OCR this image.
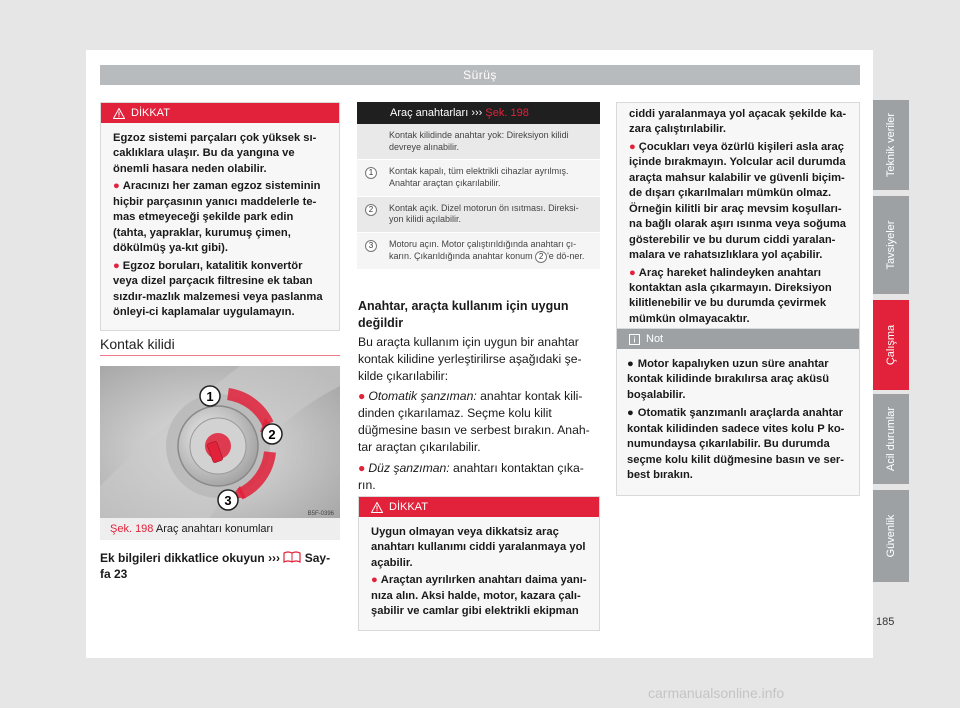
Sürüş
Teknik veriler
Tavsiyeler
Çalışma
Acil durumlar
Güvenlik
185
carmanualsonline.info
DİKKAT

Egzoz sistemi parçaları çok yüksek sı-caklıklara ulaşır. Bu da yangına ve önemli hasara neden olabilir.

● Aracınızı her zaman egzoz sisteminin hiçbir parçasının yanıcı maddelerle te-mas etmeyeceği şekilde park edin (tahta, yapraklar, kurumuş çimen, dökülmüş ya-kıt gibi).

● Egzoz boruları, katalitik konvertör veya dizel parçacık filtresine ek taban sızdır-mazlık malzemesi veya paslanma önleyi-ci kaplamalar uygulamayın.

Kontak kilidi
1
2
3
B5F-0396
Şek. 198 Araç anahtarı konumları
Ek bilgileri dikkatlice okuyun ››› Say-fa 23
Araç anahtarları ››› Şek. 198
Kontak kilidinde anahtar yok: Direksiyon kilidi devreye alınabilir.
1	Kontak kapalı, tüm elektrikli cihazlar ayrılmış. Anahtar araçtan çıkarılabilir.
2	Kontak açık. Dizel motorun ön ısıtması. Direksi-yon kilidi açılabilir.
3	Motoru açın. Motor çalıştırıldığında anahtarı çı-karın. Çıkarıldığında anahtar konum 2 'e dö-ner.
Anahtar, araçta kullanım için uygun değildir

Bu araçta kullanım için uygun bir anahtar kontak kilidine yerleştirilirse aşağıdaki şe-kilde çıkarılabilir:

● Otomatik şanzıman: anahtar kontak kili-dinden çıkarılamaz. Seçme kolu kilit düğmesine basın ve serbest bırakın. Anah-tar araçtan çıkarılabilir.

● Düz şanzıman: anahtarı kontaktan çıka-rın.

DİKKAT

Uygun olmayan veya dikkatsiz araç anahtarı kullanımı ciddi yaralanmaya yol açabilir.

● Araçtan ayrılırken anahtarı daima yanı-nıza alın. Aksi halde, motor, kazara çalı-şabilir ve camlar gibi elektrikli ekipman

ciddi yaralanmaya yol açacak şekilde ka-zara çalıştırılabilir.

● Çocukları veya özürlü kişileri asla araç içinde bırakmayın. Yolcular acil durumda araçta mahsur kalabilir ve güvenli biçim-de dışarı çıkarılmaları mümkün olmaz. Örneğin kilitli bir araç mevsim koşulları-na bağlı olarak aşırı ısınma veya soğuma gösterebilir ve bu durum ciddi yaralan-malara ve rahatsızlıklara yol açabilir.

● Araç hareket halindeyken anahtarı kontaktan asla çıkarmayın. Direksiyon kilitlenebilir ve bu durumda çevirmek mümkün olmayacaktır.

Not

● Motor kapalıyken uzun süre anahtar kontak kilidinde bırakılırsa araç aküsü boşalabilir.

● Otomatik şanzımanlı araçlarda anahtar kontak kilidinden sadece vites kolu P ko-numundaysa çıkarılabilir. Bu durumda seçme kolu kilit düğmesine basın ve ser-best bırakın.
